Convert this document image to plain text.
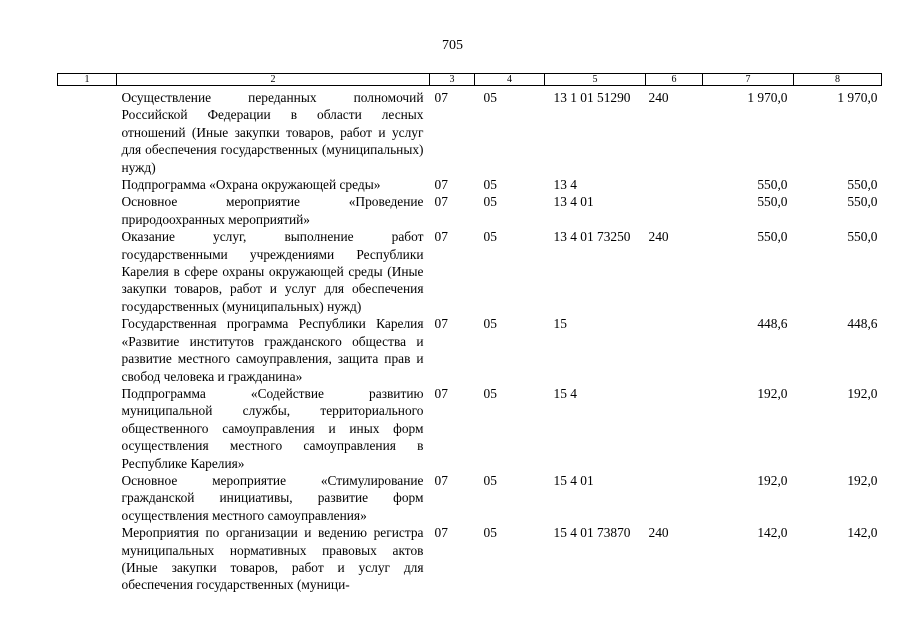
705
1	2	3	4	5	6	7	8
	Осуществление переданных полномочий Российской Федерации в области лесных отношений (Иные закупки товаров, работ и услуг для обеспечения государственных (муниципальных) нужд)	07	05	13 1 01 51290	240	1 970,0	1 970,0
	Подпрограмма «Охрана окружающей среды»	07	05	13 4		550,0	550,0
	Основное мероприятие «Проведение природоохранных мероприятий»	07	05	13 4 01		550,0	550,0
	Оказание услуг, выполнение работ государственными учреждениями Республики Карелия в сфере охраны окружающей среды (Иные закупки товаров, работ и услуг для обеспечения государственных (муниципальных) нужд)	07	05	13 4 01 73250	240	550,0	550,0
	Государственная программа Республики Карелия «Развитие институтов гражданского общества и развитие местного самоуправления, защита прав и свобод человека и гражданина»	07	05	15		448,6	448,6
	Подпрограмма «Содействие развитию муниципальной службы, территориального общественного самоуправления и иных форм осуществления местного самоуправления в Республике Карелия»	07	05	15 4		192,0	192,0
	Основное мероприятие «Стимулирование гражданской инициативы, развитие форм осуществления местного самоуправления»	07	05	15 4 01		192,0	192,0
	Мероприятия по организации и ведению регистра муниципальных нормативных правовых актов (Иные закупки товаров, работ и услуг для обеспечения государственных (муници-	07	05	15 4 01 73870	240	142,0	142,0
